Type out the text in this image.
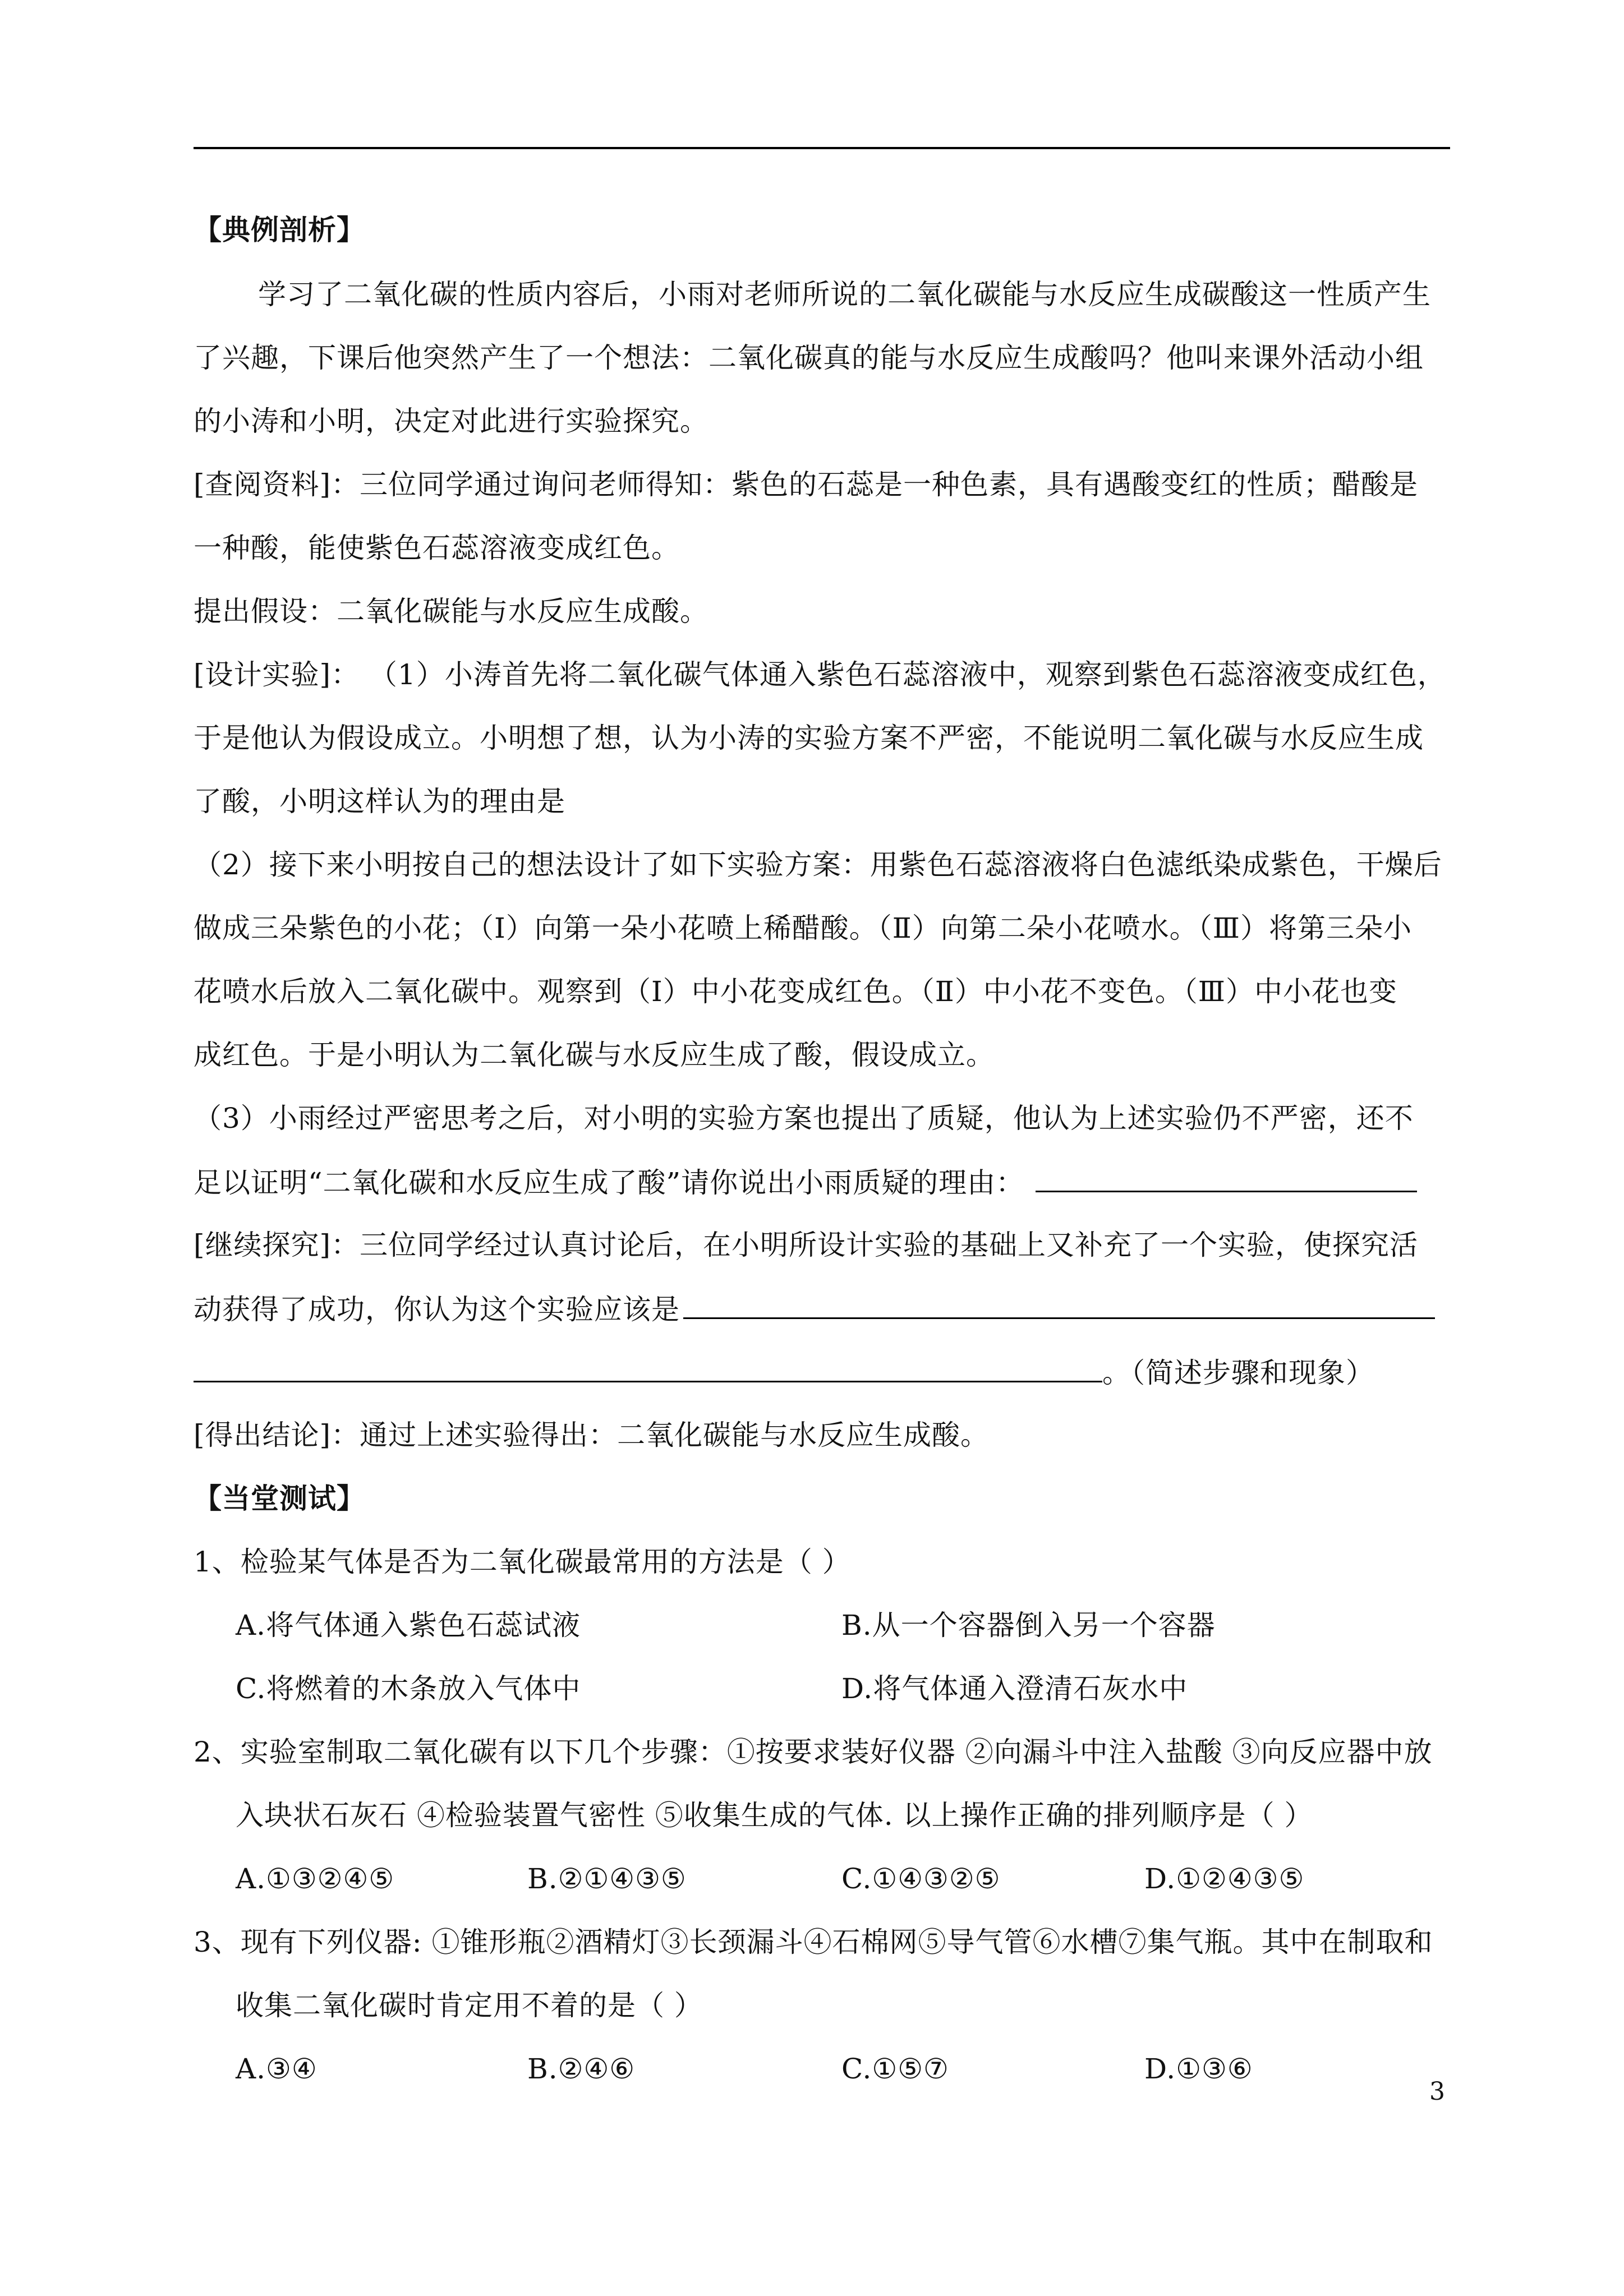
【典例剖析】
学习了二氧化碳的性质内容后，小雨对老师所说的二氧化碳能与水反应生成碳酸这一性质产生
了兴趣，下课后他突然产生了一个想法：二氧化碳真的能与水反应生成酸吗？他叫来课外活动小组
的小涛和小明，决定对此进行实验探究。
[查阅资料]：三位同学通过询问老师得知：紫色的石蕊是一种色素，具有遇酸变红的性质；醋酸是
一种酸，能使紫色石蕊溶液变成红色。
提出假设：二氧化碳能与水反应生成酸。
[设计实验]： （1）小涛首先将二氧化碳气体通入紫色石蕊溶液中，观察到紫色石蕊溶液变成红色，
于是他认为假设成立。小明想了想，认为小涛的实验方案不严密，不能说明二氧化碳与水反应生成
了酸，小明这样认为的理由是
（2）接下来小明按自己的想法设计了如下实验方案：用紫色石蕊溶液将白色滤纸染成紫色，干燥后
做成三朵紫色的小花；（Ⅰ）向第一朵小花喷上稀醋酸。（Ⅱ）向第二朵小花喷水。（Ⅲ）将第三朵小
花喷水后放入二氧化碳中。观察到（Ⅰ）中小花变成红色。（Ⅱ）中小花不变色。（Ⅲ）中小花也变
成红色。于是小明认为二氧化碳与水反应生成了酸，假设成立。
（3）小雨经过严密思考之后，对小明的实验方案也提出了质疑，他认为上述实验仍不严密，还不
足以证明“二氧化碳和水反应生成了酸”请你说出小雨质疑的理由：
[继续探究]：三位同学经过认真讨论后，在小明所设计实验的基础上又补充了一个实验，使探究活
动获得了成功，你认为这个实验应该是
。（简述步骤和现象）
[得出结论]：通过上述实验得出：二氧化碳能与水反应生成酸。
【当堂测试】
1、检验某气体是否为二氧化碳最常用的方法是（ ）
A.将气体通入紫色石蕊试液	B.从一个容器倒入另一个容器
C.将燃着的木条放入气体中	D.将气体通入澄清石灰水中
2、实验室制取二氧化碳有以下几个步骤：①按要求装好仪器 ②向漏斗中注入盐酸 ③向反应器中放
入块状石灰石 ④检验装置气密性 ⑤收集生成的气体. 以上操作正确的排列顺序是（ ）
A.①③②④⑤	B.②①④③⑤	C.①④③②⑤	D.①②④③⑤
3、现有下列仪器: ①锥形瓶②酒精灯③长颈漏斗④石棉网⑤导气管⑥水槽⑦集气瓶。其中在制取和
收集二氧化碳时肯定用不着的是（ ）
A.③④	B.②④⑥	C.①⑤⑦	D.①③⑥
3
